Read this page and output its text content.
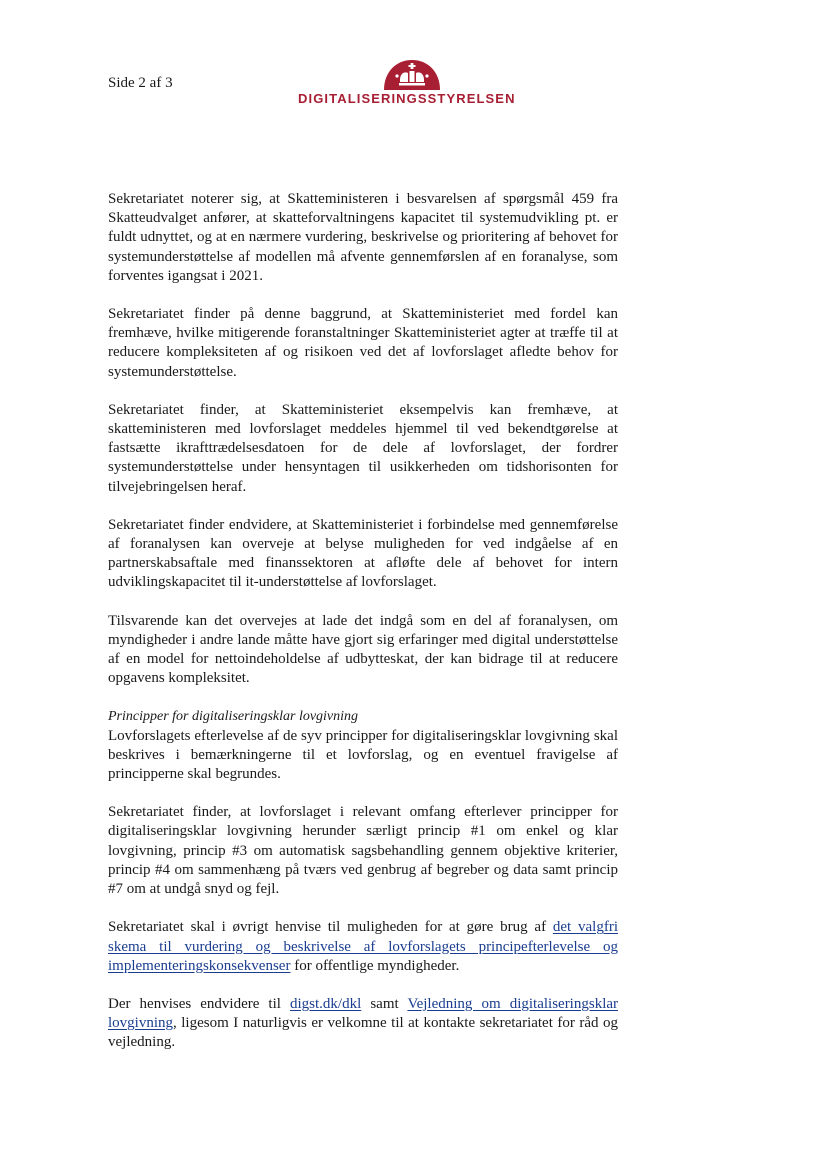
Side 2 af 3

DIGITALISERINGSSTYRELSEN

Sekretariatet noterer sig, at Skatteministeren i besvarelsen af spørgsmål 459 fra Skatteudvalget anfører, at skatteforvaltningens kapacitet til systemudvikling pt. er fuldt udnyttet, og at en nærmere vurdering, beskrivelse og prioritering af behovet for systemunderstøttelse af modellen må afvente gennemførslen af en foranalyse, som forventes igangsat i 2021.

Sekretariatet finder på denne baggrund, at Skatteministeriet med fordel kan fremhæve, hvilke mitigerende foranstaltninger Skatteministeriet agter at træffe til at reducere kompleksiteten af og risikoen ved det af lovforslaget afledte behov for systemunderstøttelse.

Sekretariatet finder, at Skatteministeriet eksempelvis kan fremhæve, at skatteministeren med lovforslaget meddeles hjemmel til ved bekendtgørelse at fastsætte ikrafttrædelsesdatoen for de dele af lovforslaget, der fordrer systemunderstøttelse under hensyntagen til usikkerheden om tidshorisonten for tilvejebringelsen heraf.

Sekretariatet finder endvidere, at Skatteministeriet i forbindelse med gennemførelse af foranalysen kan overveje at belyse muligheden for ved indgåelse af en partnerskabsaftale med finanssektoren at afløfte dele af behovet for intern udviklingskapacitet til it-understøttelse af lovforslaget.

Tilsvarende kan det overvejes at lade det indgå som en del af foranalysen, om myndigheder i andre lande måtte have gjort sig erfaringer med digital understøttelse af en model for nettoindeholdelse af udbytteskat, der kan bidrage til at reducere opgavens kompleksitet.

Principper for digitaliseringsklar lovgivning
Lovforslagets efterlevelse af de syv principper for digitaliseringsklar lovgivning skal beskrives i bemærkningerne til et lovforslag, og en eventuel fravigelse af principperne skal begrundes.

Sekretariatet finder, at lovforslaget i relevant omfang efterlever principper for digitaliseringsklar lovgivning herunder særligt princip #1 om enkel og klar lovgivning, princip #3 om automatisk sagsbehandling gennem objektive kriterier, princip #4 om sammenhæng på tværs ved genbrug af begreber og data samt princip #7 om at undgå snyd og fejl.

Sekretariatet skal i øvrigt henvise til muligheden for at gøre brug af det valgfri skema til vurdering og beskrivelse af lovforslagets principefterlevelse og implementeringskonsekvenser for offentlige myndigheder.

Der henvises endvidere til digst.dk/dkl samt Vejledning om digitaliseringsklar lovgivning, ligesom I naturligvis er velkomne til at kontakte sekretariatet for råd og vejledning.
